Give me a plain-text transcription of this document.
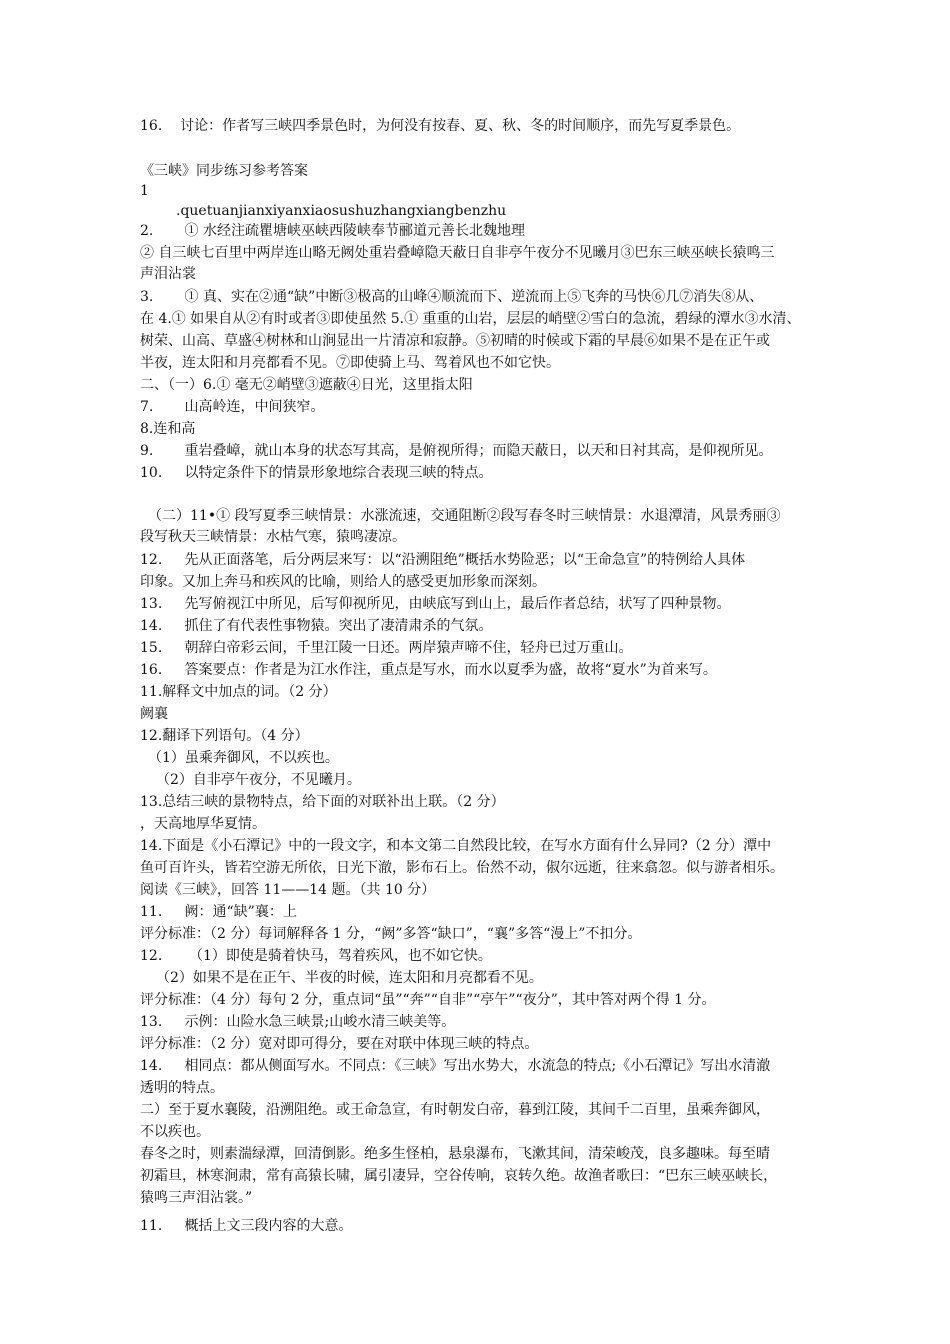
16.    讨论：作者写三峡四季景色时，为何没有按春、夏、秋、冬的时间顺序，而先写夏季景色。
《三峡》同步练习参考答案
1
.quetuanjianxiyanxiaosushuzhangxiangbenzhu
2.       ① 水经注疏瞿塘峡巫峡西陵峡奉节郦道元善长北魏地理
② 自三峡七百里中两岸连山略无阙处重岩叠嶂隐天蔽日自非亭午夜分不见曦月③巴东三峡巫峡长猿鸣三
声泪沾裳
3.       ① 真、实在②通“缺”中断③极高的山峰④顺流而下、逆流而上⑤飞奔的马快⑥几⑦消失⑧从、
在 4.① 如果自从②有时或者③即使虽然 5.① 重重的山岩，层层的峭壁②雪白的急流，碧绿的潭水③水清、
树荣、山高、草盛④树林和山涧显出一片清凉和寂静。⑤初晴的时候或下霜的早晨⑥如果不是在正午或
半夜，连太阳和月亮都看不见。⑦即使骑上马、驾着风也不如它快。
二、（一）6.① 毫无②峭壁③遮蔽④日光，这里指太阳
7.       山高岭连，中间狭窄。
8.连和高
9.       重岩叠嶂，就山本身的状态写其高，是俯视所得；而隐天蔽日，以天和日衬其高，是仰视所见。
10.     以特定条件下的情景形象地综合表现三峡的特点。
（二）11•① 段写夏季三峡情景：水涨流速，交通阻断②段写春冬时三峡情景：水退潭清，风景秀丽③
段写秋天三峡情景：水枯气寒，猿鸣凄凉。
12.     先从正面落笔，后分两层来写：以“沿溯阻绝”概括水势险恶；以“王命急宣”的特例给人具体
印象。又加上奔马和疾风的比喻，则给人的感受更加形象而深刻。
13.     先写俯视江中所见，后写仰视所见，由峡底写到山上，最后作者总结，状写了四种景物。
14.     抓住了有代表性事物猿。突出了凄清肃杀的气氛。
15.     朝辞白帝彩云间，千里江陵一日还。两岸猿声啼不住，轻舟已过万重山。
16.     答案要点：作者是为江水作注，重点是写水，而水以夏季为盛，故将“夏水”为首来写。
11.解释文中加点的词。（2 分）
阙襄
12.翻译下列语句。（4 分）
（1）虽乘奔御风，不以疾也。
（2）自非亭午夜分，不见曦月。
13.总结三峡的景物特点，给下面的对联补出上联。（2 分）
，天高地厚华夏情。
14.下面是《小石潭记》中的一段文字，和本文第二自然段比较，在写水方面有什么异同?（2 分）潭中
鱼可百许头，皆若空游无所依，日光下澈，影布石上。佁然不动，俶尔远逝，往来翕忽。似与游者相乐。
阅读《三峡》，回答 11——14 题。（共 10 分）
11.     阙：通“缺”襄：上
评分标准：（2 分）每词解释各 1 分，“阙”多答“缺口”，“襄”多答“漫上”不扣分。
12.      （1）即使是骑着快马，驾着疾风，也不如它快。
（2）如果不是在正午、半夜的时候，连太阳和月亮都看不见。
评分标准：（4 分）每句 2 分，重点词“虽”“奔”“自非”“亭午”“夜分”，其中答对两个得 1 分。
13.     示例：山险水急三峡景;山峻水清三峡美等。
评分标准：（2 分）宽对即可得分，要在对联中体现三峡的特点。
14.     相同点：都从侧面写水。不同点：《三峡》写出水势大，水流急的特点;《小石潭记》写出水清澈
透明的特点。
二）至于夏水襄陵，沿溯阻绝。或王命急宣，有时朝发白帝，暮到江陵，其间千二百里，虽乘奔御风，
不以疾也。
春冬之时，则素湍绿潭，回清倒影。绝多生怪柏，悬泉瀑布，飞漱其间，清荣峻茂，良多趣味。每至晴
初霜旦，林寒涧肃，常有高猿长啸，属引凄异，空谷传响，哀转久绝。故渔者歌曰：“巴东三峡巫峡长，
猿鸣三声泪沾裳。”
11.     概括上文三段内容的大意。
